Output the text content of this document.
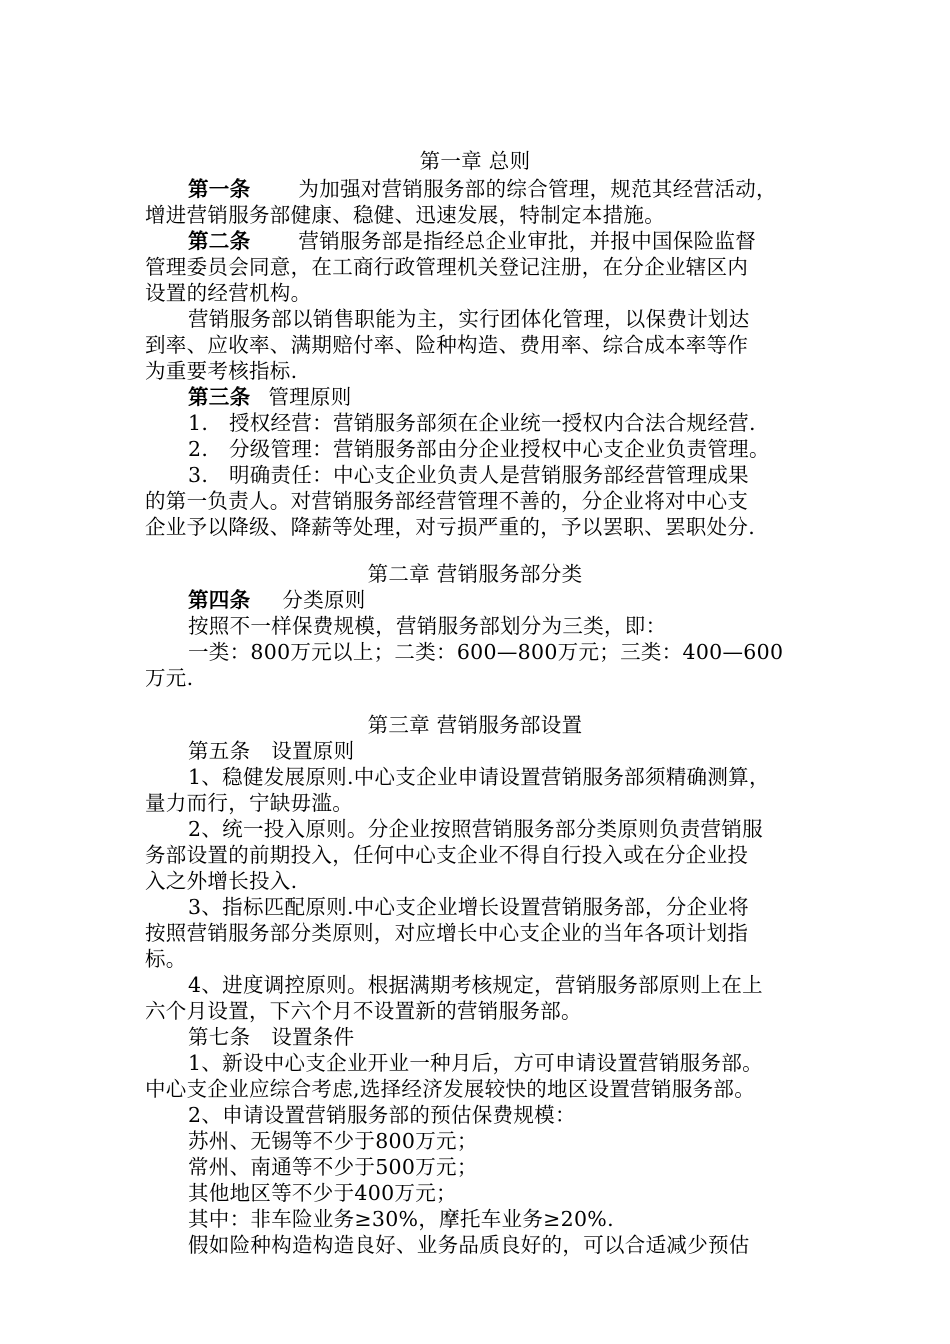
第一章 总则
第一条 为加强对营销服务部的综合管理，规范其经营活动，
增进营销服务部健康、稳健、迅速发展，特制定本措施。
第二条 营销服务部是指经总企业审批，并报中国保险监督
管理委员会同意，在工商行政管理机关登记注册，在分企业辖区内
设置的经营机构。
营销服务部以销售职能为主，实行团体化管理，以保费计划达
到率、应收率、满期赔付率、险种构造、费用率、综合成本率等作
为重要考核指标.
第三条 管理原则
1.　授权经营：营销服务部须在企业统一授权内合法合规经营.
2.　分级管理：营销服务部由分企业授权中心支企业负责管理。
3.　明确责任：中心支企业负责人是营销服务部经营管理成果
的第一负责人。对营销服务部经营管理不善的，分企业将对中心支
企业予以降级、降薪等处理，对亏损严重的，予以罢职、罢职处分.
第二章 营销服务部分类
第四条 分类原则
按照不一样保费规模，营销服务部划分为三类，即：
一类：800万元以上；二类：600—800万元；三类：400—600
万元.
第三章 营销服务部设置
第五条　设置原则
1、稳健发展原则.中心支企业申请设置营销服务部须精确测算，
量力而行，宁缺毋滥。
2、统一投入原则。分企业按照营销服务部分类原则负责营销服
务部设置的前期投入，任何中心支企业不得自行投入或在分企业投
入之外增长投入.
3、指标匹配原则.中心支企业增长设置营销服务部，分企业将
按照营销服务部分类原则，对应增长中心支企业的当年各项计划指
标。
4、进度调控原则。根据满期考核规定，营销服务部原则上在上
六个月设置，下六个月不设置新的营销服务部。
第七条　设置条件
1、新设中心支企业开业一种月后，方可申请设置营销服务部。
中心支企业应综合考虑,选择经济发展较快的地区设置营销服务部。
2、申请设置营销服务部的预估保费规模：
苏州、无锡等不少于800万元；
常州、南通等不少于500万元；
其他地区等不少于400万元；
其中：非车险业务≥30%，摩托车业务≥20%.
假如险种构造构造良好、业务品质良好的，可以合适减少预估
